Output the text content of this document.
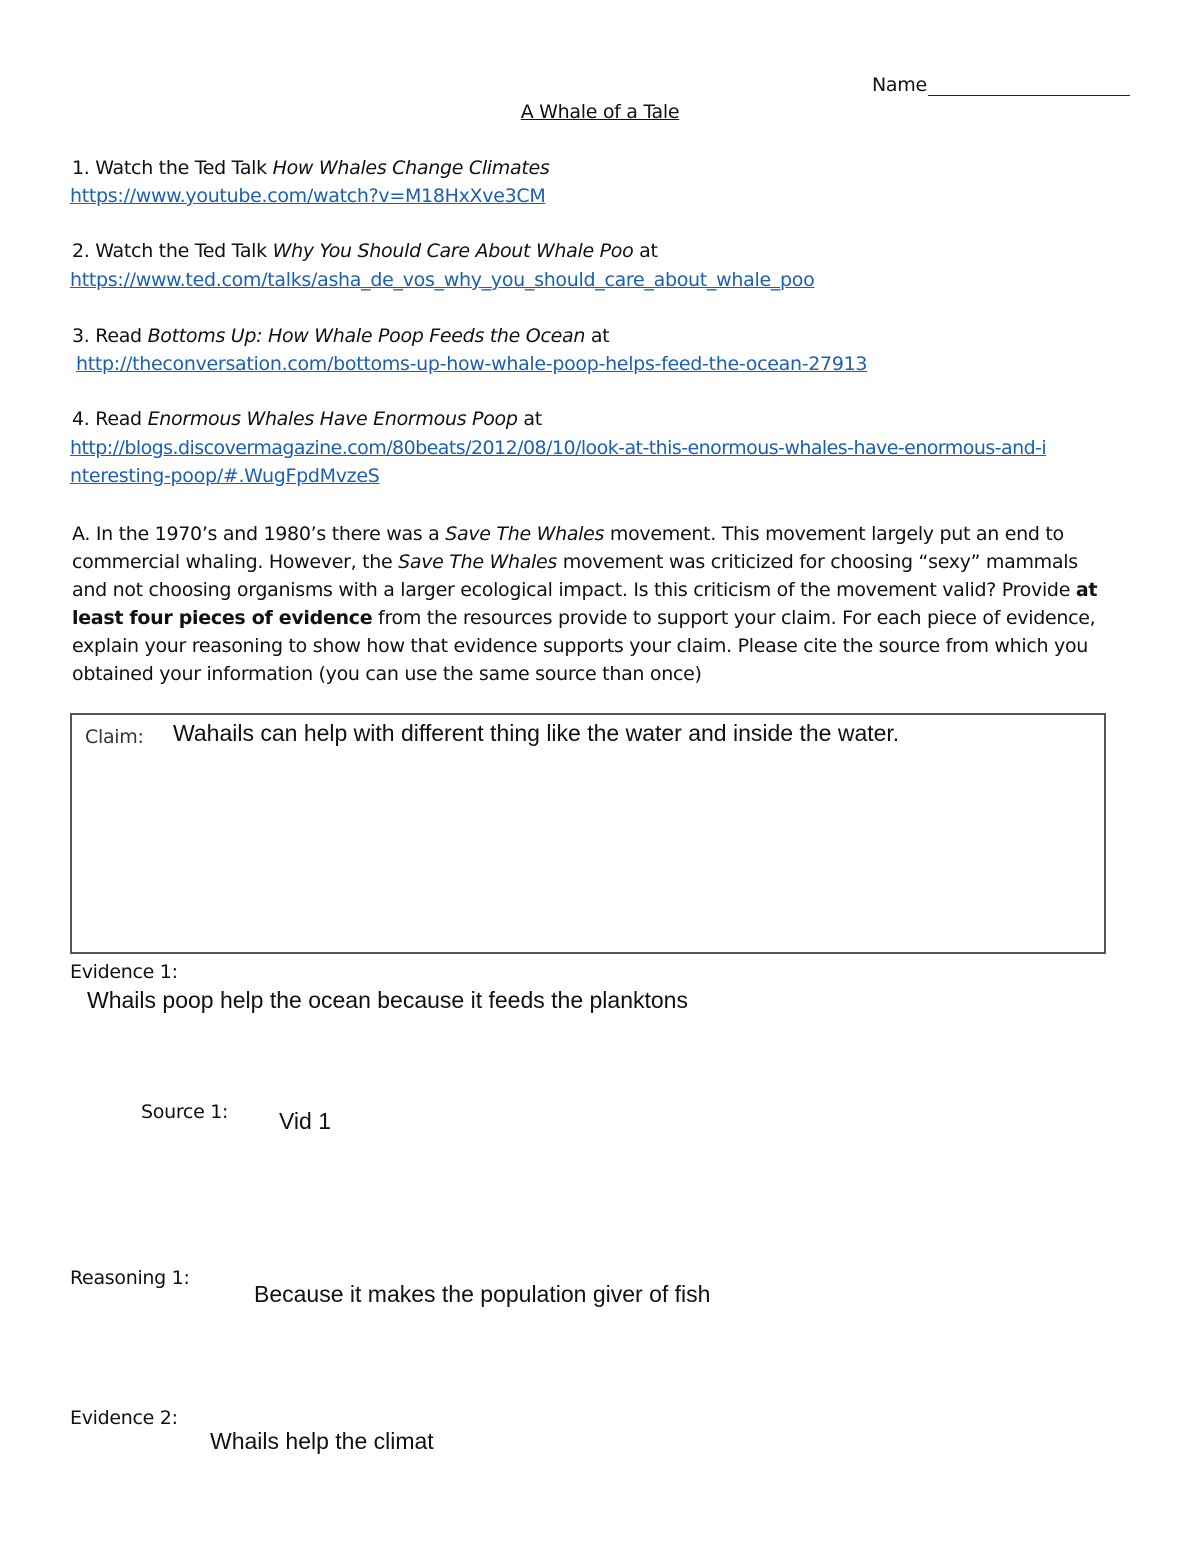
Name
A Whale of a Tale
1. Watch the Ted Talk How Whales Change Climates
https://www.youtube.com/watch?v=M18HxXve3CM
2. Watch the Ted Talk Why You Should Care About Whale Poo at
https://www.ted.com/talks/asha_de_vos_why_you_should_care_about_whale_poo
3. Read Bottoms Up: How Whale Poop Feeds the Ocean at
http://theconversation.com/bottoms-up-how-whale-poop-helps-feed-the-ocean-27913
4. Read Enormous Whales Have Enormous Poop at
http://blogs.discovermagazine.com/80beats/2012/08/10/look-at-this-enormous-whales-have-enormous-and-i
nteresting-poop/#.WugFpdMvzeS
A. In the 1970’s and 1980’s there was a Save The Whales movement. This movement largely put an end to commercial whaling. However, the Save The Whales movement was criticized for choosing “sexy” mammals and not choosing organisms with a larger ecological impact. Is this criticism of the movement valid? Provide at least four pieces of evidence from the resources provide to support your claim. For each piece of evidence, explain your reasoning to show how that evidence supports your claim. Please cite the source from which you obtained your information (you can use the same source than once)
Claim: Wahails can help with different thing like the water and inside the water.
Evidence 1:
Whails poop help the ocean because it feeds the planktons
Source 1: Vid 1
Reasoning 1:
Because it makes the population giver of fish
Evidence 2:
Whails help the climat
